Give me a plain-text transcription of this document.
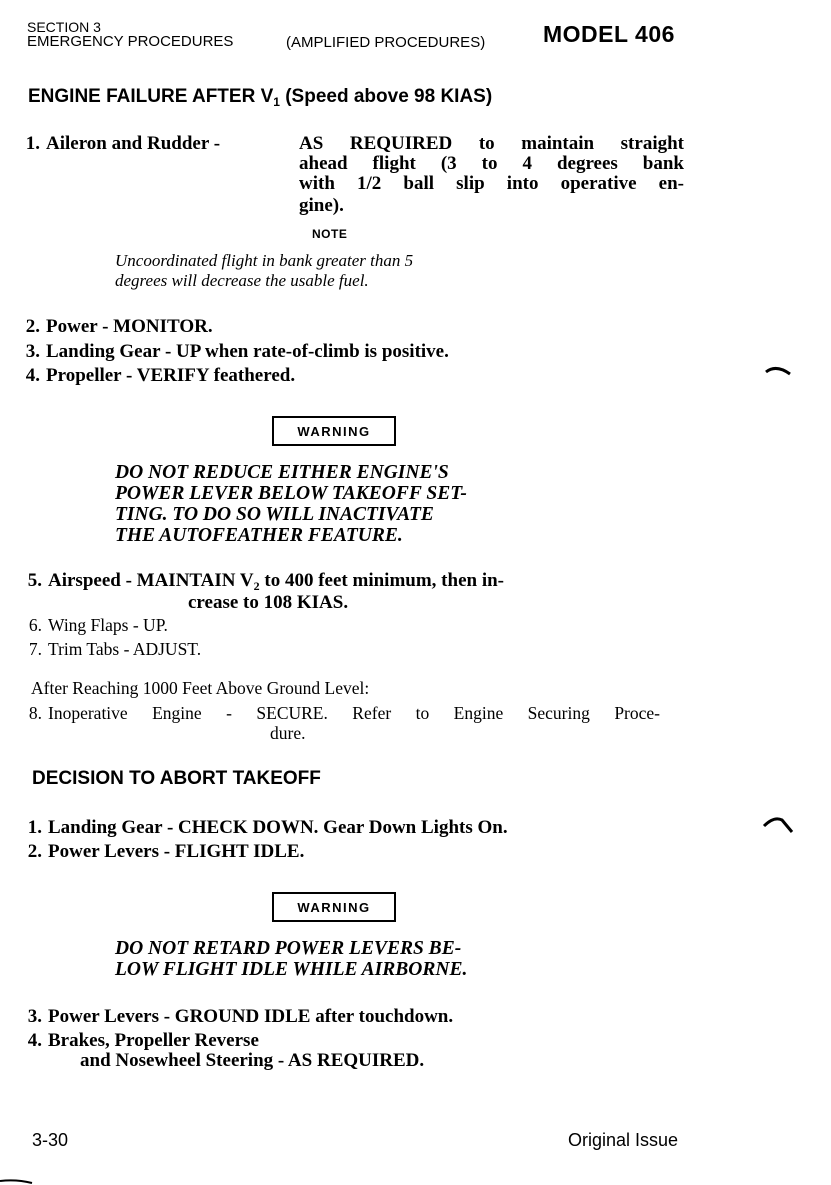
SECTION 3
EMERGENCY PROCEDURES	(AMPLIFIED PROCEDURES)	MODEL 406
ENGINE FAILURE AFTER $V_1$ (Speed above 98 KIAS)
1. Aileron and Rudder -	AS REQUIRED to maintain straight
ahead flight (3 to 4 degrees bank
with 1/2 ball slip into operative en-
gine).
NOTE
Uncoordinated flight in bank greater than 5
degrees will decrease the usable fuel.
2. Power - MONITOR.
3. Landing Gear - UP when rate-of-climb is positive.
4. Propeller - VERIFY feathered.
WARNING
DO NOT REDUCE EITHER ENGINE'S
POWER LEVER BELOW TAKEOFF SET-
TING. TO DO SO WILL INACTIVATE
THE AUTOFEATHER FEATURE.
5. Airspeed - MAINTAIN $V_2$ to 400 feet minimum, then in-
crease to 108 KIAS.
6. Wing Flaps - UP.
7. Trim Tabs - ADJUST.
After Reaching 1000 Feet Above Ground Level:
8. Inoperative Engine - SECURE. Refer to Engine Securing Proce-
dure.
DECISION TO ABORT TAKEOFF
1. Landing Gear - CHECK DOWN. Gear Down Lights On.
2. Power Levers - FLIGHT IDLE.
WARNING
DO NOT RETARD POWER LEVERS BE-
LOW FLIGHT IDLE WHILE AIRBORNE.
3. Power Levers - GROUND IDLE after touchdown.
4. Brakes, Propeller Reverse
and Nosewheel Steering - AS REQUIRED.
3-30	Original Issue
